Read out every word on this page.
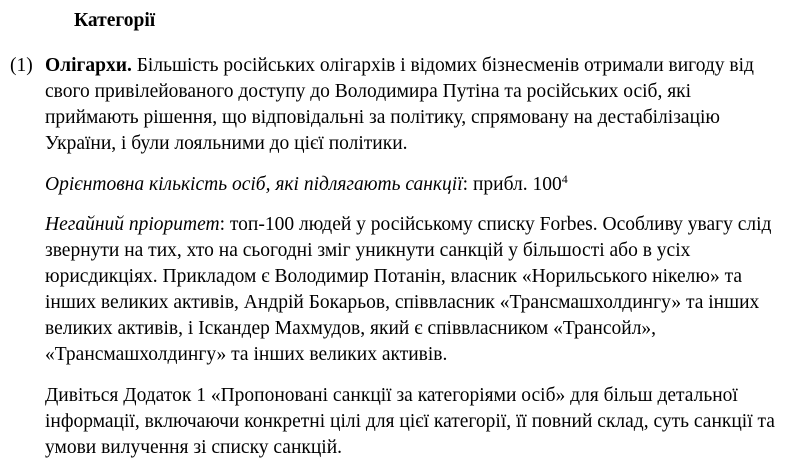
Категорії
(1) Олігархи. Більшість російських олігархів і відомих бізнесменів отримали вигоду від свого привілейованого доступу до Володимира Путіна та російських осіб, які приймають рішення, що відповідальні за політику, спрямовану на дестабілізацію України, і були лояльними до цієї політики.

Орієнтовна кількість осіб, які підлягають санкції: прибл. $100^4$

Негайний пріоритет: топ-100 людей у російському списку Forbes. Особливу увагу слід звернути на тих, хто на сьогодні зміг уникнути санкцій у більшості або в усіх юрисдикціях. Прикладом є Володимир Потанін, власник «Норильського нікелю» та інших великих активів, Андрій Бокарьов, співвласник «Трансмашхолдингу» та інших великих активів, і Іскандер Махмудов, який є співвласником «Трансойл», «Трансмашхолдингу» та інших великих активів.

Дивіться Додаток 1 «Пропоновані санкції за категоріями осіб» для більш детальної інформації, включаючи конкретні цілі для цієї категорії, її повний склад, суть санкції та умови вилучення зі списку санкцій.
